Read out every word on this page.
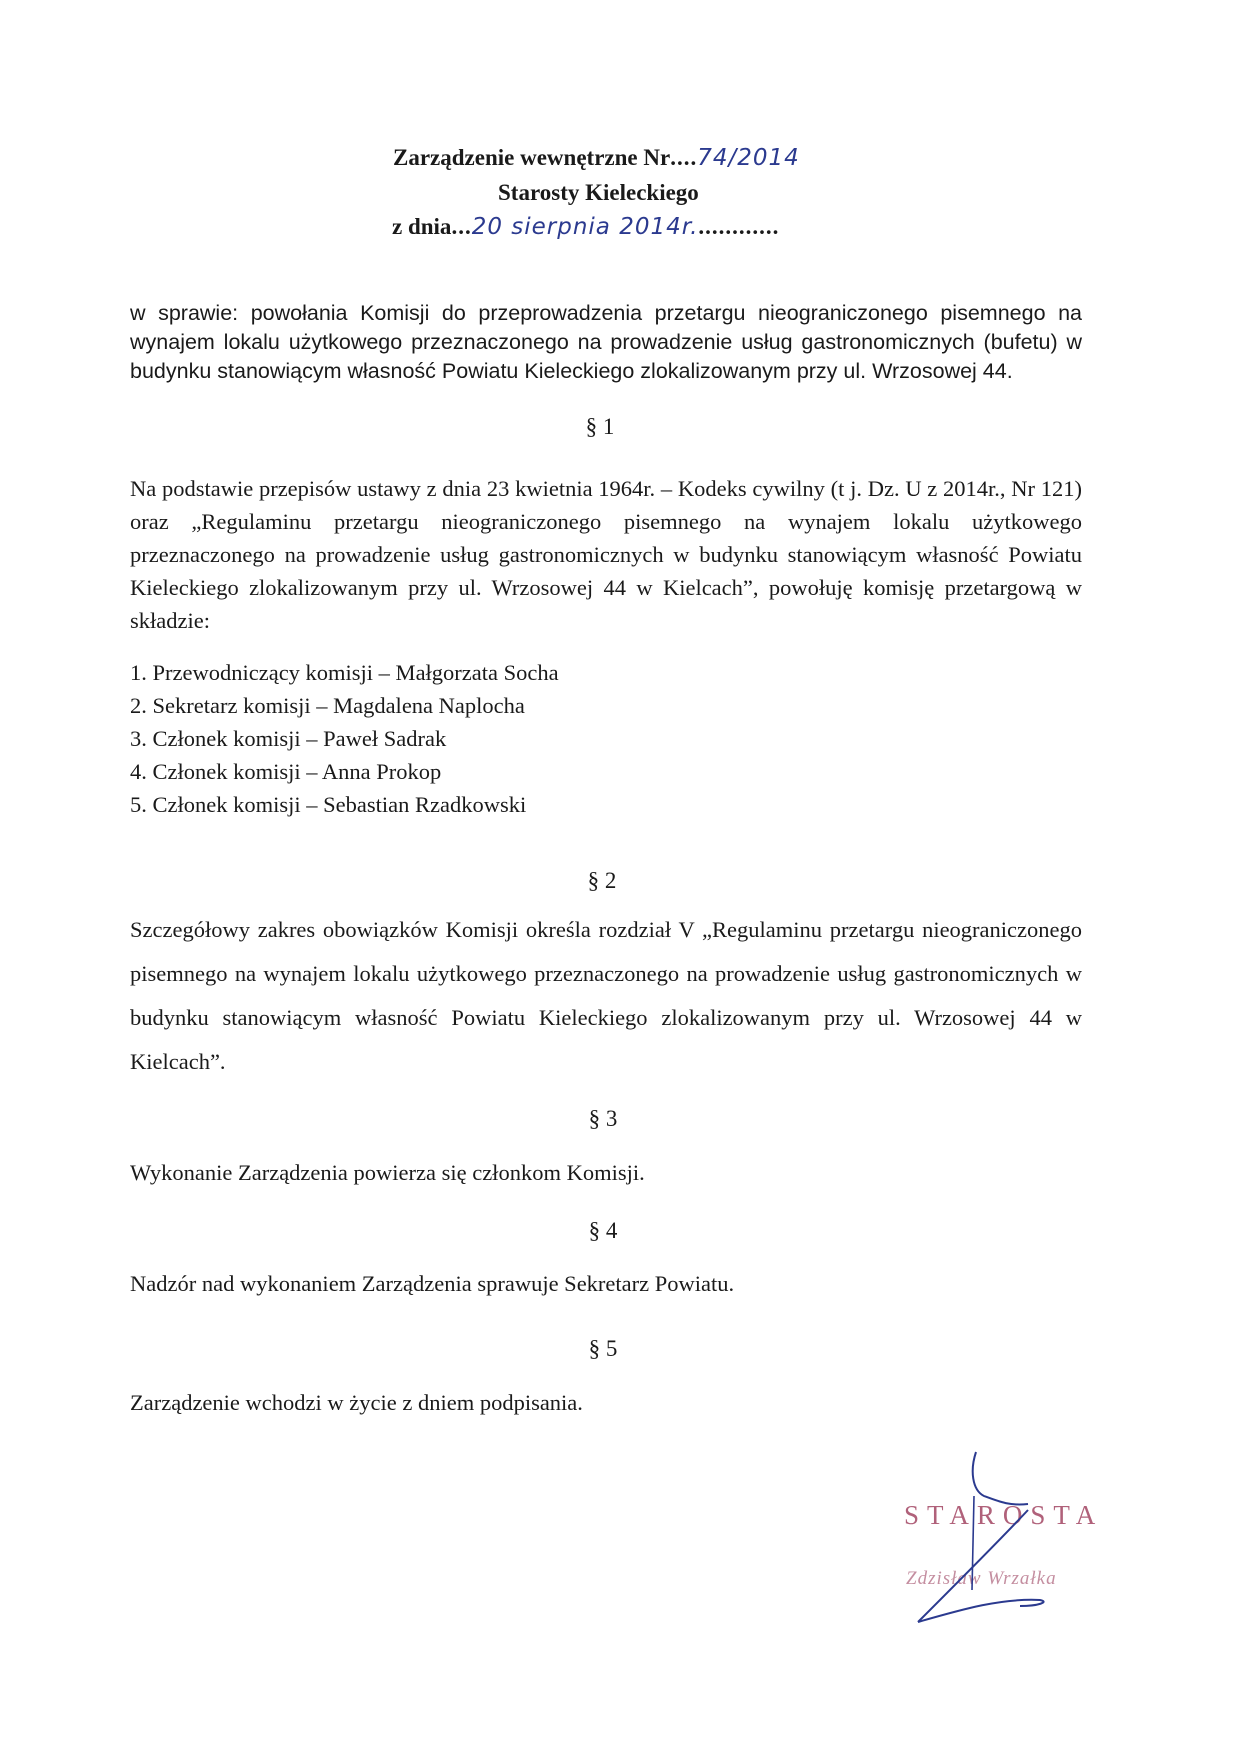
Zarządzenie wewnętrzne Nr....74/2014
Starosty Kieleckiego
z dnia...20 sierpnia 2014r.............
w sprawie: powołania Komisji do przeprowadzenia przetargu nieograniczonego pisemnego na wynajem lokalu użytkowego przeznaczonego na prowadzenie usług gastronomicznych (bufetu) w budynku stanowiącym własność Powiatu Kieleckiego zlokalizowanym przy ul. Wrzosowej 44.
§ 1
Na podstawie przepisów ustawy z dnia 23 kwietnia 1964r. – Kodeks cywilny (t j. Dz. U z 2014r., Nr 121) oraz „Regulaminu przetargu nieograniczonego pisemnego na wynajem lokalu użytkowego przeznaczonego na prowadzenie usług gastronomicznych w budynku stanowiącym własność Powiatu Kieleckiego zlokalizowanym przy ul. Wrzosowej 44 w Kielcach”, powołuję komisję przetargową w składzie:
1. Przewodniczący komisji – Małgorzata Socha
2. Sekretarz komisji – Magdalena Naplocha
3. Członek komisji – Paweł Sadrak
4. Członek komisji – Anna Prokop
5. Członek komisji – Sebastian Rzadkowski
§ 2
Szczegółowy zakres obowiązków Komisji określa rozdział V „Regulaminu przetargu nieograniczonego pisemnego na wynajem lokalu użytkowego przeznaczonego na prowadzenie usług gastronomicznych w budynku stanowiącym własność Powiatu Kieleckiego zlokalizowanym przy ul. Wrzosowej 44 w Kielcach”.
§ 3
Wykonanie Zarządzenia powierza się członkom Komisji.
§ 4
Nadzór nad wykonaniem Zarządzenia sprawuje Sekretarz Powiatu.
§ 5
Zarządzenie wchodzi w życie z dniem podpisania.
STAROSTA
Zdzisław Wrzałka
